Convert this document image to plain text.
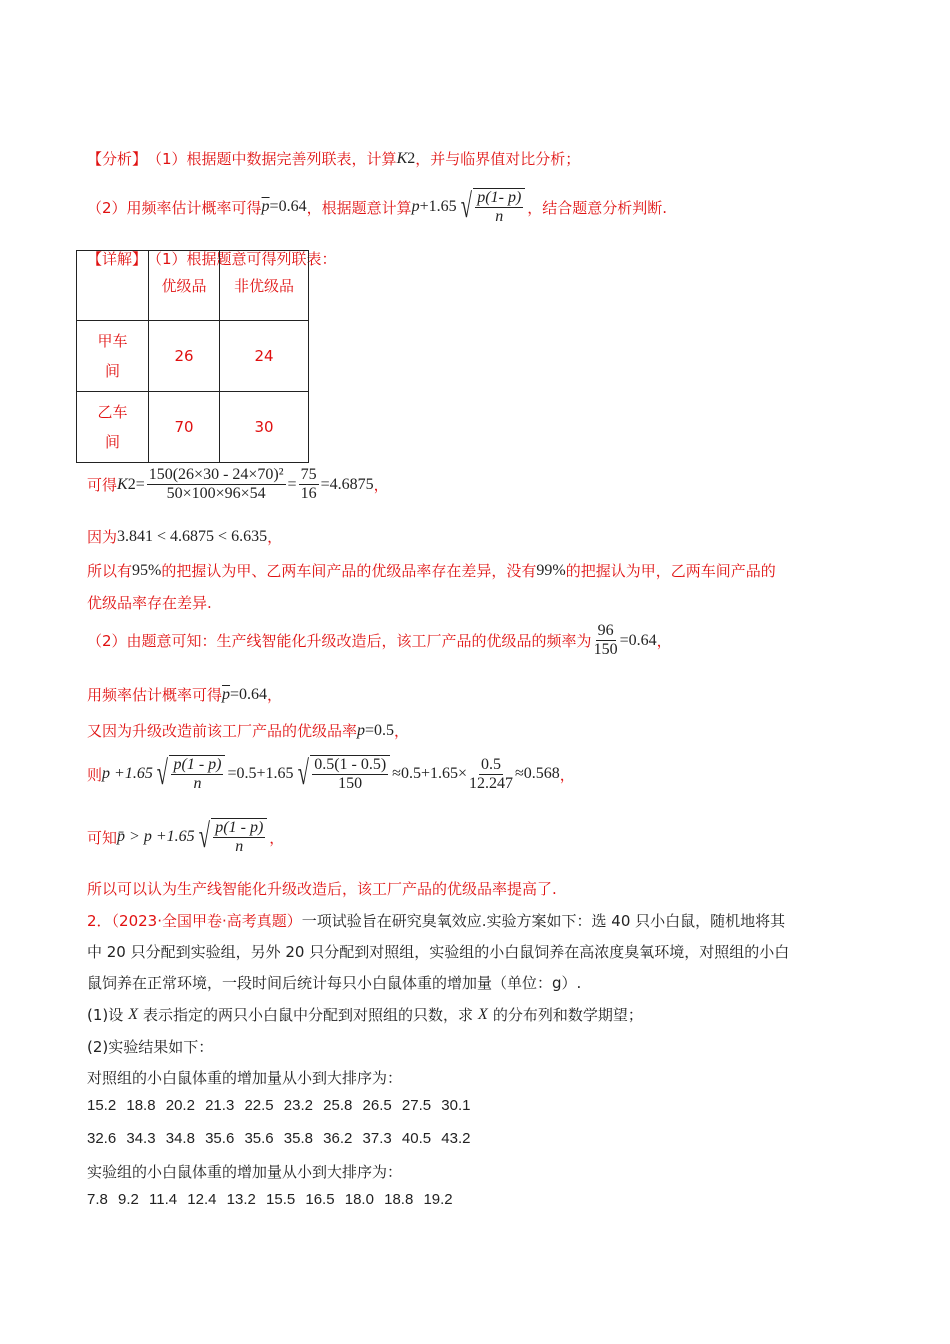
【分析】 （1）根据题中数据完善列联表，计算 K 2 ，并与临界值对比分析；
（2）用频率估计概率可得 $\overline{p} =0.64$ ，根据题意计算 p +1.65 √ $\frac{p(1- p)}{n}$ ，结合题意分析判断.
【详解】 （1）根据题意可得列联表：
	优级品	非优级品
甲车间	26	24
乙车间	70	30
可得 K $2 = \frac{\text{150(26×30 - 24×70)²}}{50\times 100\times 96\times 54} = \frac{75}{16} =4.6875$ ，
因为 3.841 < 4.6875 < 6.635 ，
所以有 95% 的把握认为甲、乙两车间产品的优级品率存在差异，没有 99% 的把握认为甲，乙两车间产品的
优级品率存在差异.
（2）由题意可知：生产线智能化升级改造后，该工厂产品的优级品的频率为 $\frac{96}{150} =0.64$ ，
用频率估计概率可得 $\overline{p} =0.64$ ，
又因为升级改造前该工厂产品的优级品率 p =0.5 ，
则 p +1.65 √ $\frac{p(1 - p)}{n} =0.5+1.65$ √ $\frac{0.5(1 - 0.5)}{150} \approx 0.5+1.65\times \frac{0.5}{12.247} \approx 0.568$ ，
可知 p̄ > p +1.65 √ $\frac{p(1 - p)}{n}$ ，
所以可以认为生产线智能化升级改造后，该工厂产品的优级品率提高了.
2．（2023·全国甲卷·高考真题） 一项试验旨在研究臭氧效应.实验方案如下：选 40 只小白鼠，随机地将其
中 20 只分配到实验组，另外 20 只分配到对照组，实验组的小白鼠饲养在高浓度臭氧环境，对照组的小白
鼠饲养在正常环境，一段时间后统计每只小白鼠体重的增加量（单位：g）.
(1)设 X 表示指定的两只小白鼠中分配到对照组的只数，求 X 的分布列和数学期望；
(2)实验结果如下：
对照组的小白鼠体重的增加量从小到大排序为：
15.2 18.8 20.2 21.3 22.5 23.2 25.8 26.5 27.5 30.1
32.6 34.3 34.8 35.6 35.6 35.8 36.2 37.3 40.5 43.2
实验组的小白鼠体重的增加量从小到大排序为：
7.8 9.2 11.4 12.4 13.2 15.5 16.5 18.0 18.8 19.2
